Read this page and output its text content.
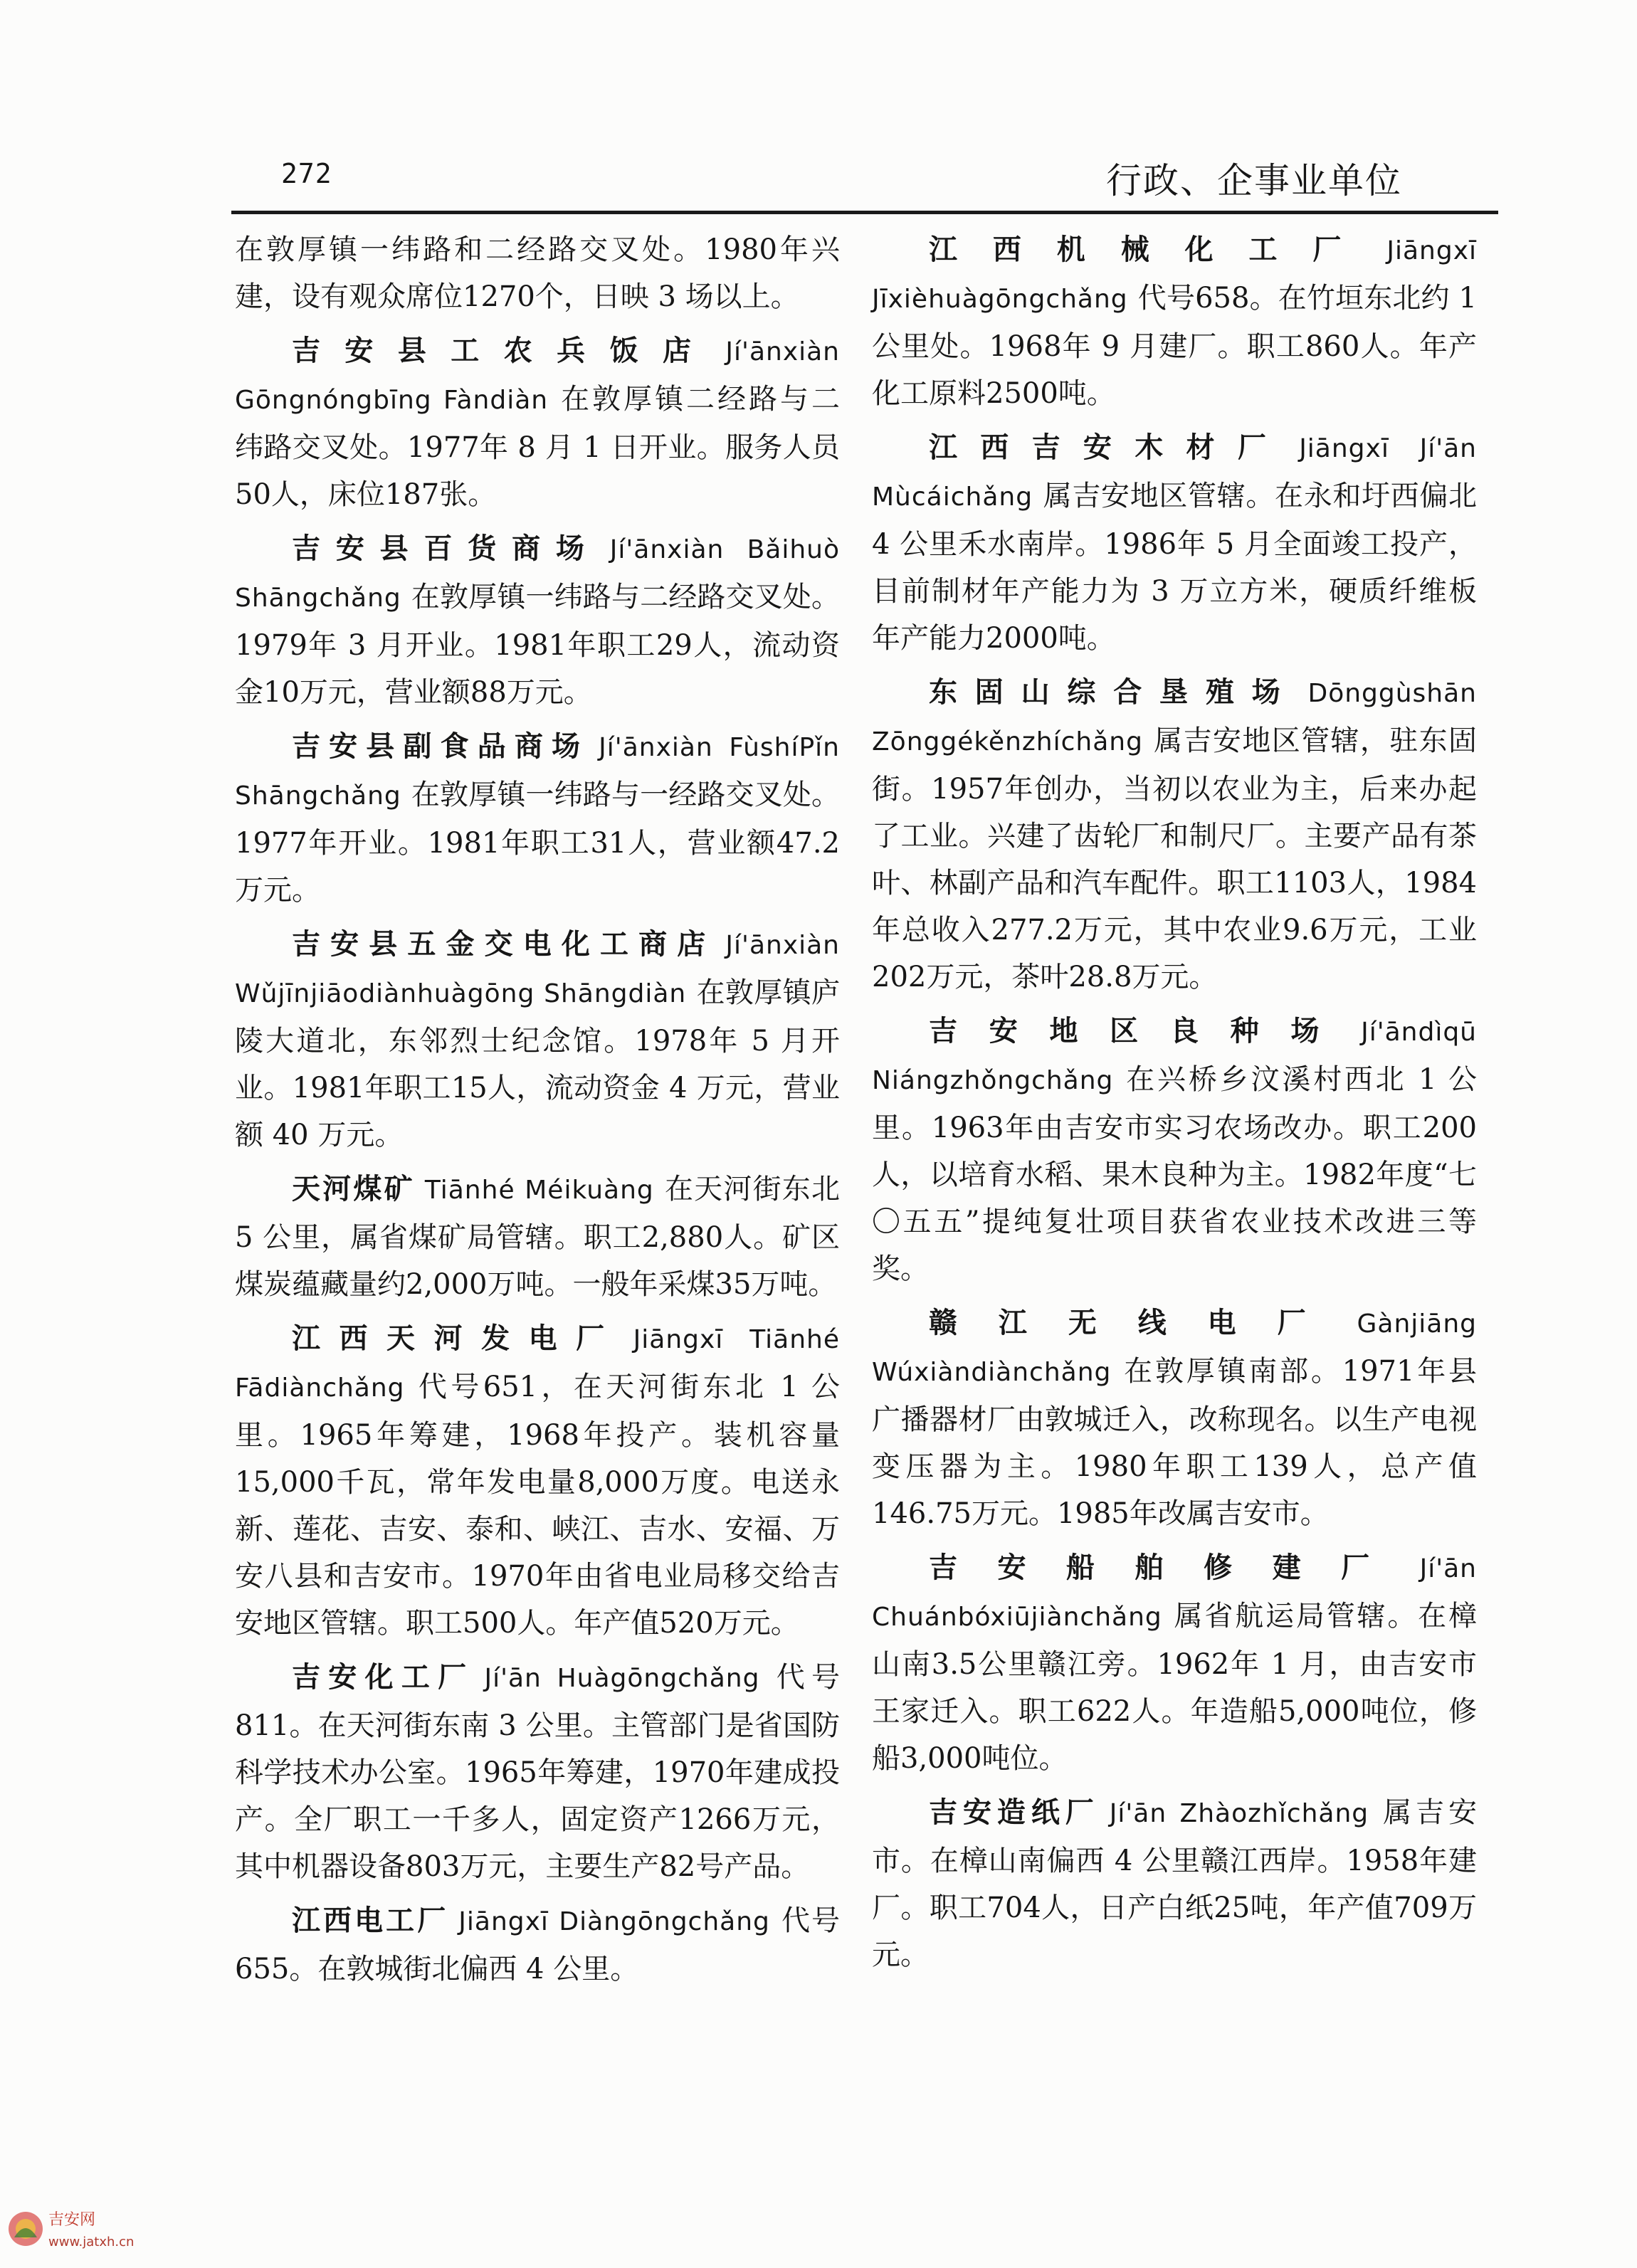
272	行政、企事业单位

在敦厚镇一纬路和二经路交叉处。1980年兴建，设有观众席位1270个，日映 3 场以上。

吉安县工农兵饭店 Jí'ānxiàn Gōngnóngbīng Fàndiàn 在敦厚镇二经路与二纬路交叉处。1977年 8 月 1 日开业。服务人员50人，床位187张。

吉安县百货商场 Jí'ānxiàn Bǎihuò Shāngchǎng 在敦厚镇一纬路与二经路交叉处。1979年 3 月开业。1981年职工29人，流动资金10万元，营业额88万元。

吉安县副食品商场 Jí'ānxiàn FùshíPǐn Shāngchǎng 在敦厚镇一纬路与一经路交叉处。1977年开业。1981年职工31人，营业额47.2万元。

吉安县五金交电化工商店 Jí'ānxiàn Wǔjīnjiāodiànhuàgōng Shāngdiàn 在敦厚镇庐陵大道北，东邻烈士纪念馆。1978年 5 月开业。1981年职工15人，流动资金 4 万元，营业额 40 万元。

天河煤矿 Tiānhé Méikuàng 在天河街东北 5 公里，属省煤矿局管辖。职工2,880人。矿区煤炭蕴藏量约2,000万吨。一般年采煤35万吨。

江西天河发电厂 Jiāngxī Tiānhé Fādiànchǎng 代号651，在天河街东北 1 公里。1965年筹建，1968年投产。装机容量15,000千瓦，常年发电量8,000万度。电送永新、莲花、吉安、泰和、峡江、吉水、安福、万安八县和吉安市。1970年由省电业局移交给吉安地区管辖。职工500人。年产值520万元。

吉安化工厂 Jí'ān Huàgōngchǎng 代号811。在天河街东南 3 公里。主管部门是省国防科学技术办公室。1965年筹建，1970年建成投产。全厂职工一千多人，固定资产1266万元，其中机器设备803万元，主要生产82号产品。

江西电工厂 Jiāngxī Diàngōngchǎng 代号655。在敦城街北偏西 4 公里。

江西机械化工厂 Jiāngxī Jīxièhuàgōngchǎng 代号658。在竹垣东北约 1 公里处。1968年 9 月建厂。职工860人。年产化工原料2500吨。

江西吉安木材厂 Jiāngxī Jí'ān Mùcáichǎng 属吉安地区管辖。在永和圩西偏北 4 公里禾水南岸。1986年 5 月全面竣工投产，目前制材年产能力为 3 万立方米，硬质纤维板年产能力2000吨。

东固山综合垦殖场 Dōnggùshān Zōnggékěnzhíchǎng 属吉安地区管辖，驻东固街。1957年创办，当初以农业为主，后来办起了工业。兴建了齿轮厂和制尺厂。主要产品有茶叶、林副产品和汽车配件。职工1103人，1984年总收入277.2万元，其中农业9.6万元，工业202万元，茶叶28.8万元。

吉安地区良种场 Jí'āndìqū Niángzhǒngchǎng 在兴桥乡汶溪村西北 1 公里。1963年由吉安市实习农场改办。职工200人，以培育水稻、果木良种为主。1982年度“七〇五五”提纯复壮项目获省农业技术改进三等奖。

赣江无线电厂 Gànjiāng Wúxiàndiànchǎng 在敦厚镇南部。1971年县广播器材厂由敦城迁入，改称现名。以生产电视变压器为主。1980年职工139人，总产值146.75万元。1985年改属吉安市。

吉安船舶修建厂 Jí'ān Chuánbóxiūjiànchǎng 属省航运局管辖。在樟山南3.5公里赣江旁。1962年 1 月，由吉安市王家迁入。职工622人。年造船5,000吨位，修船3,000吨位。

吉安造纸厂 Jí'ān Zhàozhǐchǎng 属吉安市。在樟山南偏西 4 公里赣江西岸。1958年建厂。职工704人，日产白纸25吨，年产值709万元。

吉安网
www.jatxh.cn
